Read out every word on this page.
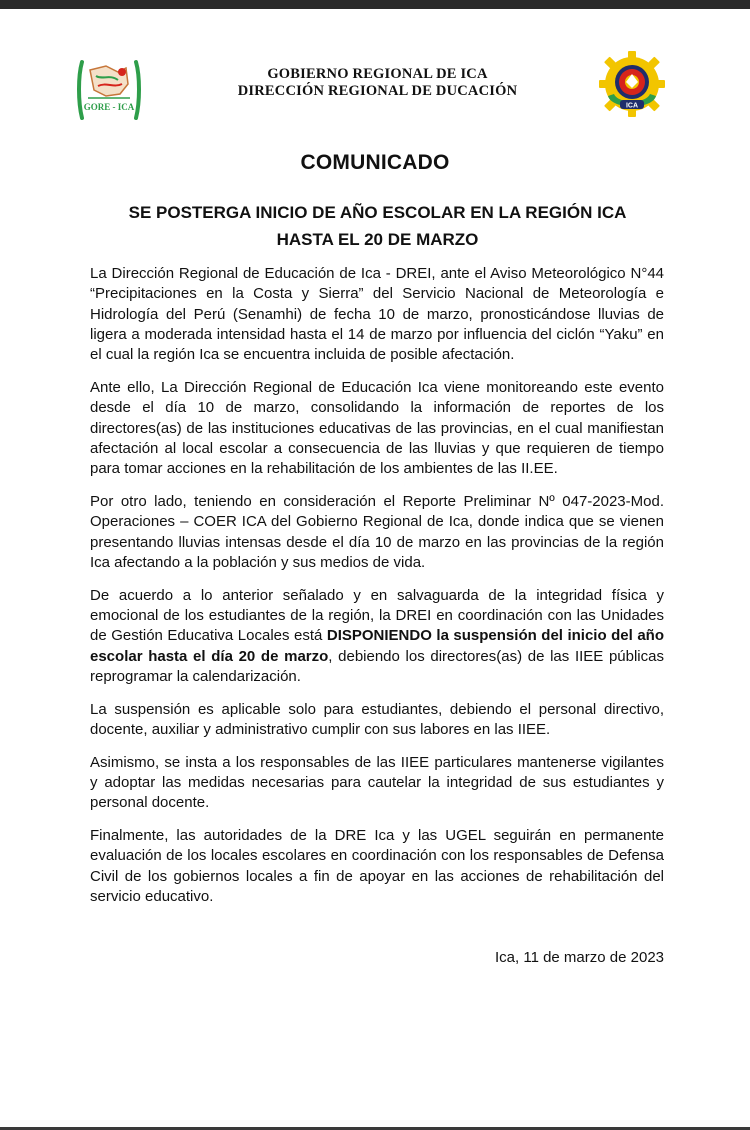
GORE - ICA
GOBIERNO REGIONAL DE ICA
DIRECCIÓN REGIONAL DE DUCACIÓN
ICA
COMUNICADO
SE POSTERGA INICIO DE AÑO ESCOLAR EN LA REGIÓN ICA
HASTA EL 20 DE MARZO

La Dirección Regional de Educación de Ica - DREI, ante el Aviso Meteorológico N°44 “Precipitaciones en la Costa y Sierra” del Servicio Nacional de Meteorología e Hidrología del Perú (Senamhi) de fecha 10 de marzo, pronosticándose lluvias de ligera a moderada intensidad hasta el 14 de marzo por influencia del ciclón “Yaku” en el cual la región Ica se encuentra incluida de posible afectación.

Ante ello, La Dirección Regional de Educación Ica viene monitoreando este evento desde el día 10 de marzo, consolidando la información de reportes de los directores(as) de las instituciones educativas de las provincias, en el cual manifiestan afectación al local escolar a consecuencia de las lluvias y que requieren de tiempo para tomar acciones en la rehabilitación de los ambientes de las II.EE.

Por otro lado, teniendo en consideración el Reporte Preliminar Nº 047-2023-Mod. Operaciones – COER ICA del Gobierno Regional de Ica, donde indica que se vienen presentando lluvias intensas desde el día 10 de marzo en las provincias de la región Ica afectando a la población y sus medios de vida.

De acuerdo a lo anterior señalado y en salvaguarda de la integridad física y emocional de los estudiantes de la región, la DREI en coordinación con las Unidades de Gestión Educativa Locales está DISPONIENDO la suspensión del inicio del año escolar hasta el día 20 de marzo, debiendo los directores(as) de las IIEE públicas reprogramar la calendarización.

La suspensión es aplicable solo para estudiantes, debiendo el personal directivo, docente, auxiliar y administrativo cumplir con sus labores en las IIEE.

Asimismo, se insta a los responsables de las IIEE particulares mantenerse vigilantes y adoptar las medidas necesarias para cautelar la integridad de sus estudiantes y personal docente.

Finalmente, las autoridades de la DRE Ica y las UGEL seguirán en permanente evaluación de los locales escolares en coordinación con los responsables de Defensa Civil de los gobiernos locales a fin de apoyar en las acciones de rehabilitación del servicio educativo.

Ica, 11 de marzo de 2023
